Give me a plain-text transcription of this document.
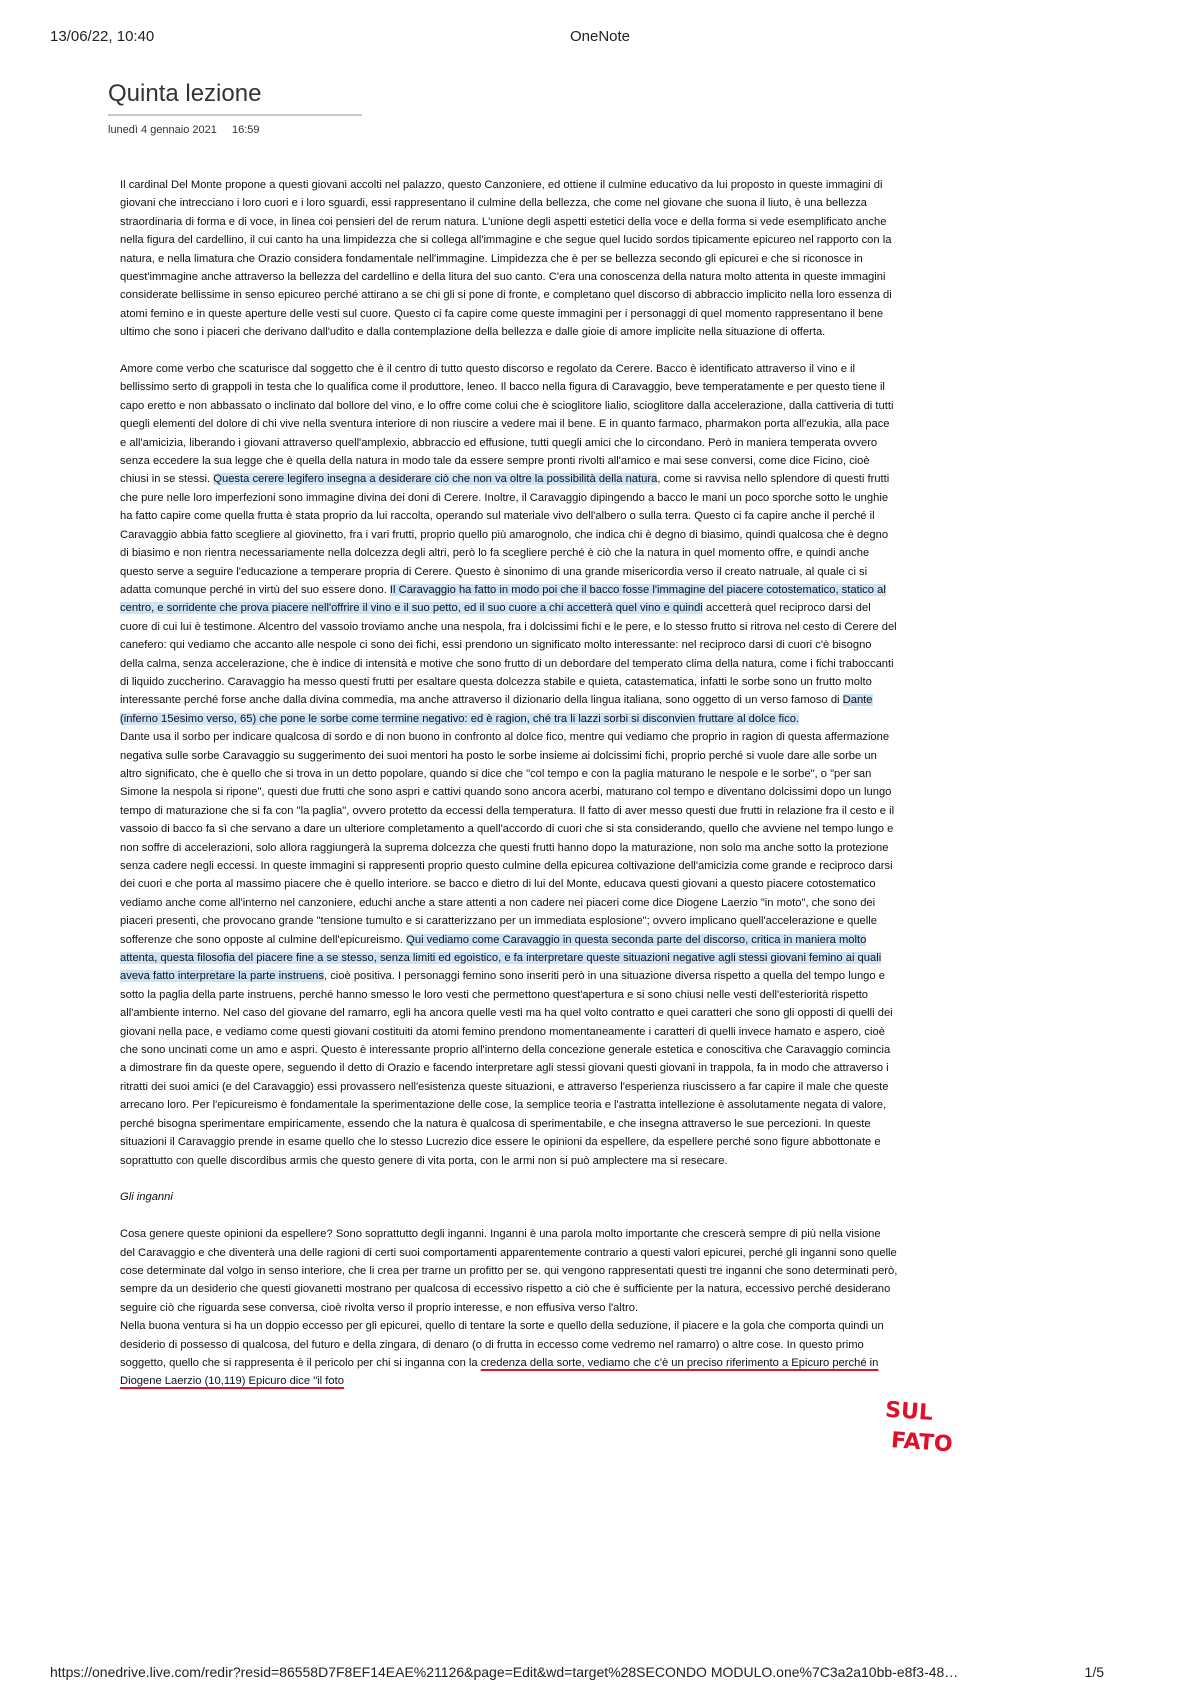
13/06/22, 10:40	OneNote
Quinta lezione
lunedì 4 gennaio 2021 16:59

Il cardinal Del Monte propone a questi giovani accolti nel palazzo, questo Canzoniere, ed ottiene il culmine educativo da lui proposto in queste immagini di giovani che intrecciano i loro cuori e i loro sguardi, essi rappresentano il culmine della bellezza, che come nel giovane che suona il liuto, è una bellezza straordinaria di forma e di voce, in linea coi pensieri del de rerum natura. L'unione degli aspetti estetici della voce e della forma si vede esemplificato anche nella figura del cardellino, il cui canto ha una limpidezza che si collega all'immagine e che segue quel lucido sordos tipicamente epicureo nel rapporto con la natura, e nella limatura che Orazio considera fondamentale nell'immagine. Limpidezza che è per se bellezza secondo gli epicurei e che si riconosce in quest'immagine anche attraverso la bellezza del cardellino e della litura del suo canto. C'era una conoscenza della natura molto attenta in queste immagini considerate bellissime in senso epicureo perché attirano a se chi gli si pone di fronte, e completano quel discorso di abbraccio implicito nella loro essenza di atomi femino e in queste aperture delle vesti sul cuore. Questo ci fa capire come queste immagini per i personaggi di quel momento rappresentano il bene ultimo che sono i piaceri che derivano dall'udito e dalla contemplazione della bellezza e dalle gioie di amore implicite nella situazione di offerta.

Amore come verbo che scaturisce dal soggetto che è il centro di tutto questo discorso e regolato da Cerere. Bacco è identificato attraverso il vino e il bellissimo serto di grappoli in testa che lo qualifica come il produttore, leneo. Il bacco nella figura di Caravaggio, beve temperatamente e per questo tiene il capo eretto e non abbassato o inclinato dal bollore del vino, e lo offre come colui che è scioglitore lialio, scioglitore dalla accelerazione, dalla cattiveria di tutti quegli elementi del dolore di chi vive nella sventura interiore di non riuscire a vedere mai il bene. E in quanto farmaco, pharmakon porta all'ezukia, alla pace e all'amicizia, liberando i giovani attraverso quell'amplexio, abbraccio ed effusione, tutti quegli amici che lo circondano. Però in maniera temperata ovvero senza eccedere la sua legge che è quella della natura in modo tale da essere sempre pronti rivolti all'amico e mai sese conversi, come dice Ficino, cioè chiusi in se stessi. Questa cerere legifero insegna a desiderare ciò che non va oltre la possibilità della natura, come si ravvisa nello splendore di questi frutti che pure nelle loro imperfezioni sono immagine divina dei doni di Cerere. Inoltre, il Caravaggio dipingendo a bacco le mani un poco sporche sotto le unghie ha fatto capire come quella frutta è stata proprio da lui raccolta, operando sul materiale vivo dell'albero o sulla terra. Questo ci fa capire anche il perché il Caravaggio abbia fatto scegliere al giovinetto, fra i vari frutti, proprio quello più amarognolo, che indica chi è degno di biasimo, quindi qualcosa che è degno di biasimo e non rientra necessariamente nella dolcezza degli altri, però lo fa scegliere perché è ciò che la natura in quel momento offre, e quindi anche questo serve a seguire l'educazione a temperare propria di Cerere. Questo è sinonimo di una grande misericordia verso il creato natruale, al quale ci si adatta comunque perché in virtù del suo essere dono. Il Caravaggio ha fatto in modo poi che il bacco fosse l'immagine del piacere cotostematico, statico al centro, e sorridente che prova piacere nell'offrire il vino e il suo petto, ed il suo cuore a chi accetterà quel vino e quindi accetterà quel reciproco darsi del cuore di cui lui è testimone. Alcentro del vassoio troviamo anche una nespola, fra i dolcissimi fichi e le pere, e lo stesso frutto si ritrova nel cesto di Cerere del canefero: qui vediamo che accanto alle nespole ci sono dei fichi, essi prendono un significato molto interessante: nel reciproco darsi di cuori c'è bisogno della calma, senza accelerazione, che è indice di intensità e motive che sono frutto di un debordare del temperato clima della natura, come i fichi traboccanti di liquido zuccherino. Caravaggio ha messo questi frutti per esaltare questa dolcezza stabile e quieta, catastematica, infatti le sorbe sono un frutto molto interessante perché forse anche dalla divina commedia, ma anche attraverso il dizionario della lingua italiana, sono oggetto di un verso famoso di Dante (inferno 15esimo verso, 65) che pone le sorbe come termine negativo: ed è ragion, ché tra li lazzi sorbi si disconvien fruttare al dolce fico.

Dante usa il sorbo per indicare qualcosa di sordo e di non buono in confronto al dolce fico, mentre qui vediamo che proprio in ragion di questa affermazione negativa sulle sorbe Caravaggio su suggerimento dei suoi mentori ha posto le sorbe insieme ai dolcissimi fichi, proprio perché si vuole dare alle sorbe un altro significato, che è quello che si trova in un detto popolare, quando si dice che "col tempo e con la paglia maturano le nespole e le sorbe", o "per san Simone la nespola si ripone", questi due frutti che sono aspri e cattivi quando sono ancora acerbi, maturano col tempo e diventano dolcissimi dopo un lungo tempo di maturazione che si fa con "la paglia", ovvero protetto da eccessi della temperatura. Il fatto di aver messo questi due frutti in relazione fra il cesto e il vassoio di bacco fa sì che servano a dare un ulteriore completamento a quell'accordo di cuori che si sta considerando, quello che avviene nel tempo lungo e non soffre di accelerazioni, solo allora raggiungerà la suprema dolcezza che questi frutti hanno dopo la maturazione, non solo ma anche sotto la protezione senza cadere negli eccessi. In queste immagini si rappresenti proprio questo culmine della epicurea coltivazione dell'amicizia come grande e reciproco darsi dei cuori e che porta al massimo piacere che è quello interiore. se bacco e dietro di lui del Monte, educava questi giovani a questo piacere cotostematico vediamo anche come all'interno nel canzoniere, educhi anche a stare attenti a non cadere nei piaceri come dice Diogene Laerzio "in moto", che sono dei piaceri presenti, che provocano grande "tensione tumulto e si caratterizzano per un immediata esplosione"; ovvero implicano quell'accelerazione e quelle sofferenze che sono opposte al culmine dell'epicureismo. Qui vediamo come Caravaggio in questa seconda parte del discorso, critica in maniera molto attenta, questa filosofia del piacere fine a se stesso, senza limiti ed egoistico, e fa interpretare queste situazioni negative agli stessi giovani femino ai quali aveva fatto interpretare la parte instruens, cioè positiva. I personaggi femino sono inseriti però in una situazione diversa rispetto a quella del tempo lungo e sotto la paglia della parte instruens, perché hanno smesso le loro vesti che permettono quest'apertura e si sono chiusi nelle vesti dell'esteriorità rispetto all'ambiente interno. Nel caso del giovane del ramarro, egli ha ancora quelle vesti ma ha quel volto contratto e quei caratteri che sono gli opposti di quelli dei giovani nella pace, e vediamo come questi giovani costituiti da atomi femino prendono momentaneamente i caratteri di quelli invece hamato e aspero, cioè che sono uncinati come un amo e aspri. Questo è interessante proprio all'interno della concezione generale estetica e conoscitiva che Caravaggio comincia a dimostrare fin da queste opere, seguendo il detto di Orazio e facendo interpretare agli stessi giovani questi giovani in trappola, fa in modo che attraverso i ritratti dei suoi amici (e del Caravaggio) essi provassero nell'esistenza queste situazioni, e attraverso l'esperienza riuscissero a far capire il male che queste arrecano loro. Per l'epicureismo è fondamentale la sperimentazione delle cose, la semplice teoria e l'astratta intellezione è assolutamente negata di valore, perché bisogna sperimentare empiricamente, essendo che la natura è qualcosa di sperimentabile, e che insegna attraverso le sue percezioni. In queste situazioni il Caravaggio prende in esame quello che lo stesso Lucrezio dice essere le opinioni da espellere, da espellere perché sono figure abbottonate e soprattutto con quelle discordibus armis che questo genere di vita porta, con le armi non si può amplectere ma si resecare.

Gli inganni

Cosa genere queste opinioni da espellere? Sono soprattutto degli inganni. Inganni è una parola molto importante che crescerà sempre di più nella visione del Caravaggio e che diventerà una delle ragioni di certi suoi comportamenti apparentemente contrario a questi valori epicurei, perché gli inganni sono quelle cose determinate dal volgo in senso interiore, che li crea per trarne un profitto per se. qui vengono rappresentati questi tre inganni che sono determinati però, sempre da un desiderio che questi giovanetti mostrano per qualcosa di eccessivo rispetto a ciò che è sufficiente per la natura, eccessivo perché desiderano seguire ciò che riguarda sese conversa, cioè rivolta verso il proprio interesse, e non effusiva verso l'altro.

Nella buona ventura si ha un doppio eccesso per gli epicurei, quello di tentare la sorte e quello della seduzione, il piacere e la gola che comporta quindi un desiderio di possesso di qualcosa, del futuro e della zingara, di denaro (o di frutta in eccesso come vedremo nel ramarro) o altre cose. In questo primo soggetto, quello che si rappresenta è il pericolo per chi si inganna con la credenza della sorte, vediamo che c'è un preciso riferimento a Epicuro perché in Diogene Laerzio (10,119) Epicuro dice "il foto

SUL
FATO
https://onedrive.live.com/redir?resid=86558D7F8EF14EAE%21126&page=Edit&wd=target%28SECONDO MODULO.one%7C3a2a10bb-e8f3-48…	1/5
